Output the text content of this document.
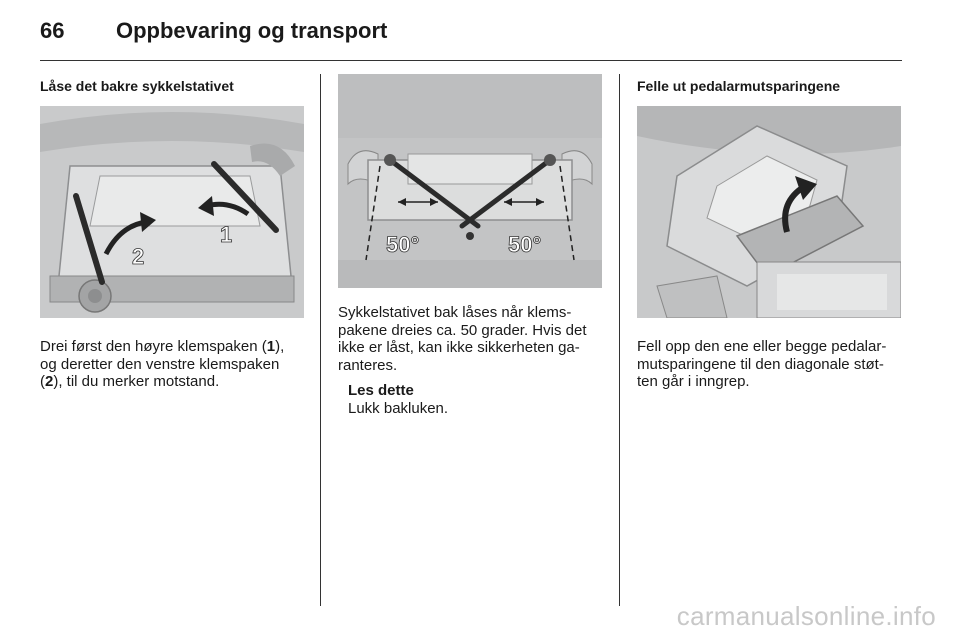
66	Oppbevaring og transport
Låse det bakre sykkelstativet
1
2

Drei først den høyre klemspaken (1), og deretter den venstre klemspaken (2), til du merker motstand.

50°	50°

Sykkelstativet bak låses når klems-pakene dreies ca. 50 grader. Hvis det ikke er låst, kan ikke sikkerheten ga-ranteres.

Les dette
Lukk bakluken.
Felle ut pedalarmutsparingene

Fell opp den ene eller begge pedalar-mutsparingene til den diagonale støt-ten går i inngrep.

carmanualsonline.info
